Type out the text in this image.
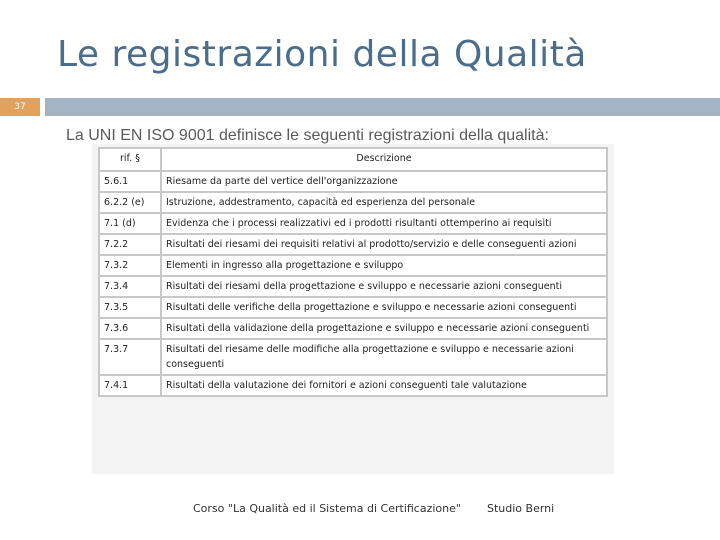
Le registrazioni della Qualità
37
La UNI EN ISO 9001 definisce le seguenti registrazioni della qualità:
rif. §	Descrizione
5.6.1	Riesame da parte del vertice dell'organizzazione
6.2.2 (e)	Istruzione, addestramento, capacità ed esperienza del personale
7.1 (d)	Evidenza che i processi realizzativi ed i prodotti risultanti ottemperino ai requisiti
7.2.2	Risultati dei riesami dei requisiti relativi al prodotto/servizio e delle conseguenti azioni
7.3.2	Elementi in ingresso alla progettazione e sviluppo
7.3.4	Risultati dei riesami della progettazione e sviluppo e necessarie azioni conseguenti
7.3.5	Risultati delle verifiche della progettazione e sviluppo e necessarie azioni conseguenti
7.3.6	Risultati della validazione della progettazione e sviluppo e necessarie azioni conseguenti
7.3.7	Risultati del riesame delle modifiche alla progettazione e sviluppo e necessarie azioni conseguenti
7.4.1	Risultati della valutazione dei fornitori e azioni conseguenti tale valutazione
Corso "La Qualità ed il Sistema di Certificazione" Studio Berni
